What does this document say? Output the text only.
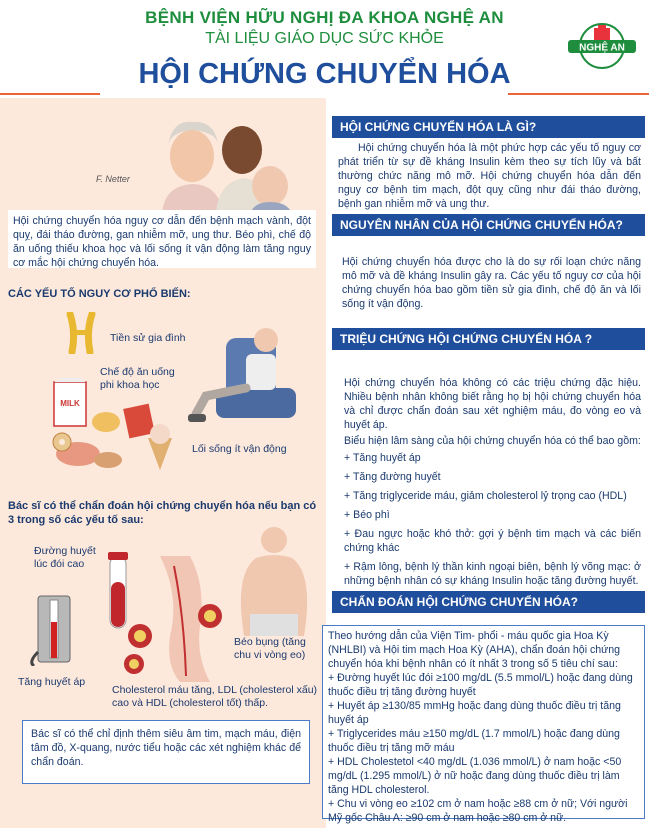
BỆNH VIỆN HỮU NGHỊ ĐA KHOA NGHỆ AN
TÀI LIỆU GIÁO DỤC SỨC KHỎE
HỘI CHỨNG CHUYỂN HÓA
NGHỆ AN
F. Netter
Hội chứng chuyển hóa nguy cơ dẫn đến bệnh mạch vành, đột quỵ, đái tháo đường, gan nhiễm mỡ, ung thư. Béo phì, chế độ ăn uống thiếu khoa học và lối sống ít vận động làm tăng nguy cơ mắc hội chứng chuyển hóa.
CÁC YẾU TỐ NGUY CƠ PHỔ BIẾN:
Tiền sử gia đình
MILK
Chế độ ăn uống phi khoa học
Lối sống ít vận động
Bác sĩ có thể chẩn đoán hội chứng chuyển hóa nếu bạn có 3 trong số các yếu tố sau:
Đường huyết lúc đói cao
Tăng huyết áp
Cholesterol máu tăng, LDL (cholesterol xấu) cao và HDL (cholesterol tốt) thấp.
Béo bụng (tăng chu vi vòng eo)
Bác sĩ có thể chỉ định thêm siêu âm tim, mạch máu, điện tâm đồ, X-quang, nước tiểu hoặc các xét nghiệm khác để chẩn đoán.
HỘI CHỨNG CHUYỂN HÓA LÀ GÌ?
Hội chứng chuyển hóa là một phức hợp các yếu tố nguy cơ phát triển từ sự đề kháng Insulin kèm theo sự tích lũy và bất thường chức năng mô mỡ. Hội chứng chuyển hóa dẫn đến nguy cơ bệnh tim mạch, đột quỵ cũng như đái tháo đường, bệnh gan nhiễm mỡ và ung thư.
NGUYÊN NHÂN CỦA HỘI CHỨNG CHUYỂN HÓA?
Hội chứng chuyển hóa được cho là do sự rối loạn chức năng mô mỡ và đề kháng Insulin gây ra. Các yếu tố nguy cơ của hội chứng chuyển hóa bao gồm tiền sử gia đình, chế độ ăn và lối sống ít vận động.
TRIỆU CHỨNG HỘI CHỨNG CHUYỂN HÓA ?
Hội chứng chuyển hóa không có các triệu chứng đặc hiệu. Nhiều bệnh nhân không biết rằng họ bị hội chứng chuyển hóa và chỉ được chẩn đoán sau xét nghiệm máu, đo vòng eo và huyết áp.
Biểu hiện lâm sàng của hội chứng chuyển hóa có thể bao gồm:
+ Tăng huyết áp
+ Tăng đường huyết
+ Tăng triglyceride máu, giảm cholesterol lỷ trọng cao (HDL)
+ Béo phì
+ Đau ngực hoặc khó thở: gợi ý bệnh tim mạch và các biến chứng khác
+ Rậm lông, bệnh lý thần kinh ngoại biên, bệnh lý võng mạc: ở những bệnh nhân có sự kháng Insulin hoặc tăng đường huyết.
CHẨN ĐOÁN HỘI CHỨNG CHUYỂN HÓA?
Theo hướng dẫn của Viện Tim- phổi - máu quốc gia Hoa Kỳ (NHLBI) và Hội tim mạch Hoa Kỳ (AHA), chẩn đoán hội chứng chuyển hóa khi bệnh nhân có ít nhất 3 trong số 5 tiêu chí sau:
+ Đường huyết lúc đói ≥100 mg/dL (5.5 mmol/L) hoặc đang dùng thuốc điều trị tăng đường huyết
+ Huyết áp ≥130/85 mmHg hoặc đang dùng thuốc điều trị tăng huyết áp
+ Triglycerides máu ≥150 mg/dL (1.7 mmol/L) hoặc đang dùng thuốc điều trị tăng mỡ máu
+ HDL Cholestetol <40 mg/dL (1.036 mmol/L) ở nam hoặc <50 mg/dL (1.295 mmol/L) ở nữ hoặc đang dùng thuốc điều trị làm tăng HDL cholesterol.
+ Chu vi vòng eo ≥102 cm ở nam hoặc ≥88 cm ở nữ; Với người Mỹ gốc Châu A: ≥90 cm ở nam hoặc ≥80 cm ở nữ.
